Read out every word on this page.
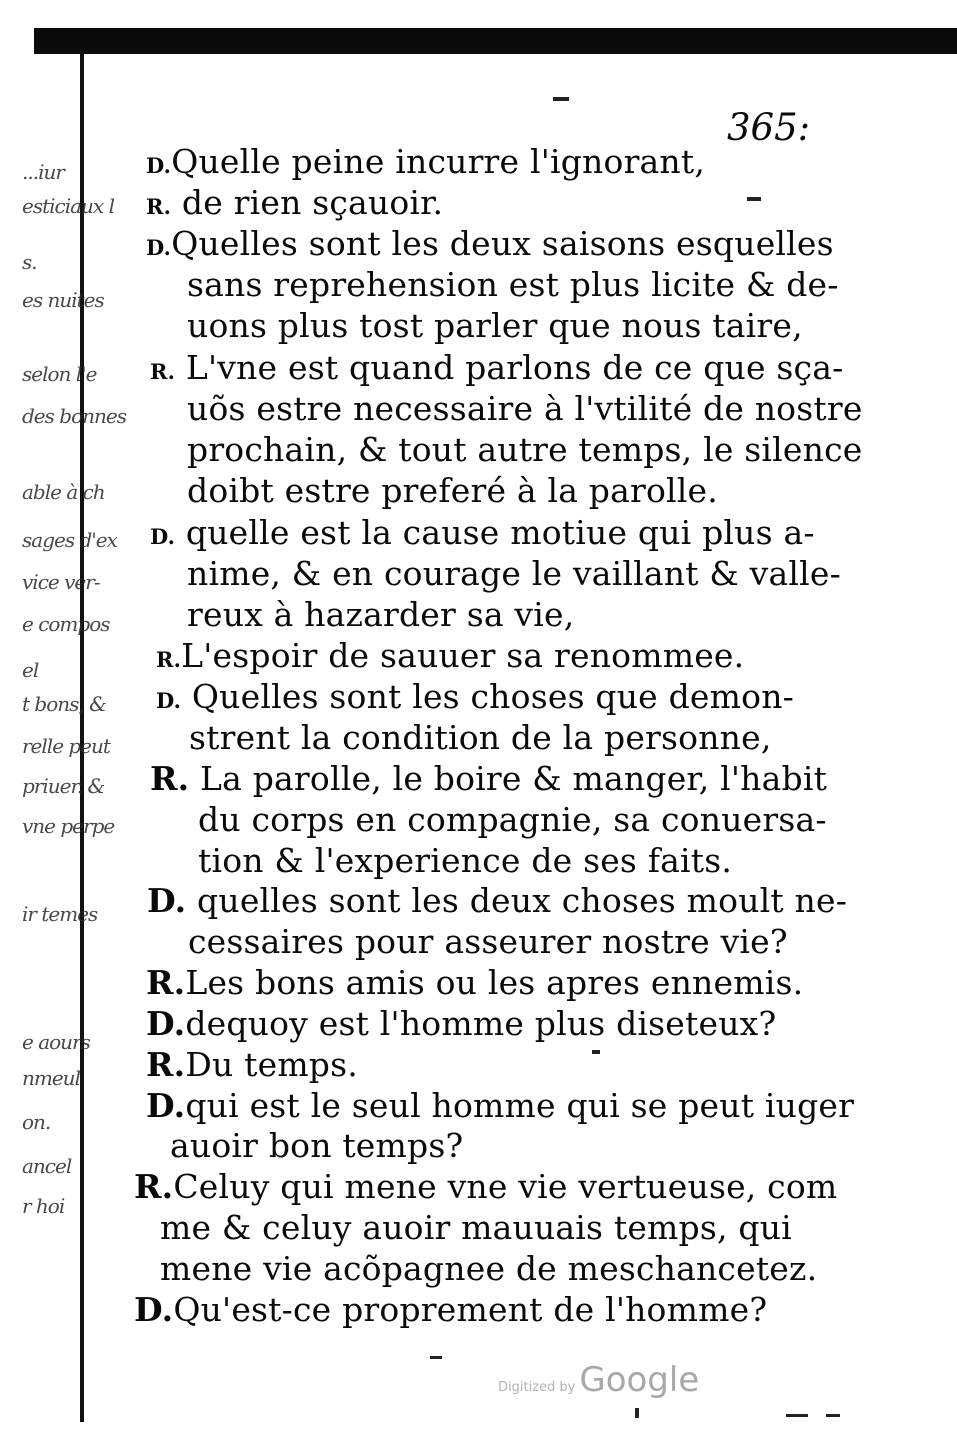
...iur
esticiaux l
s.
es nuites
selon l'e
des bonnes
able à ch
sages d'ex
vice ver-
e compos
el
t bons, &
relle peut
priuer. &
vne perpe
ir temes
e aours
nmeul
on.
ancel
r hoi
365:
D.Quelle peine incurre l'ignorant,
R. de rien sçauoir.
D.Quelles sont les deux saisons esquelles
sans reprehension est plus licite & de-
uons plus tost parler que nous taire,
R. L'vne est quand parlons de ce que sça-
uõs estre necessaire à l'vtilité de nostre
prochain, & tout autre temps, le silence
doibt estre preferé à la parolle.
D. quelle est la cause motiue qui plus a-
nime, & en courage le vaillant & valle-
reux à hazarder sa vie,
R.L'espoir de sauuer sa renommee.
D. Quelles sont les choses que demon-
strent la condition de la personne,
R. La parolle, le boire & manger, l'habit
du corps en compagnie, sa conuersa-
tion & l'experience de ses faits.
D. quelles sont les deux choses moult ne-
cessaires pour asseurer nostre vie?
R.Les bons amis ou les apres ennemis.
D.dequoy est l'homme plus diseteux?
R.Du temps.
D.qui est le seul homme qui se peut iuger
auoir bon temps?
R.Celuy qui mene vne vie vertueuse, com
me & celuy auoir mauuais temps, qui
mene vie acõpagnee de meschancetez.
D.Qu'est-ce proprement de l'homme?
Digitized by Google
